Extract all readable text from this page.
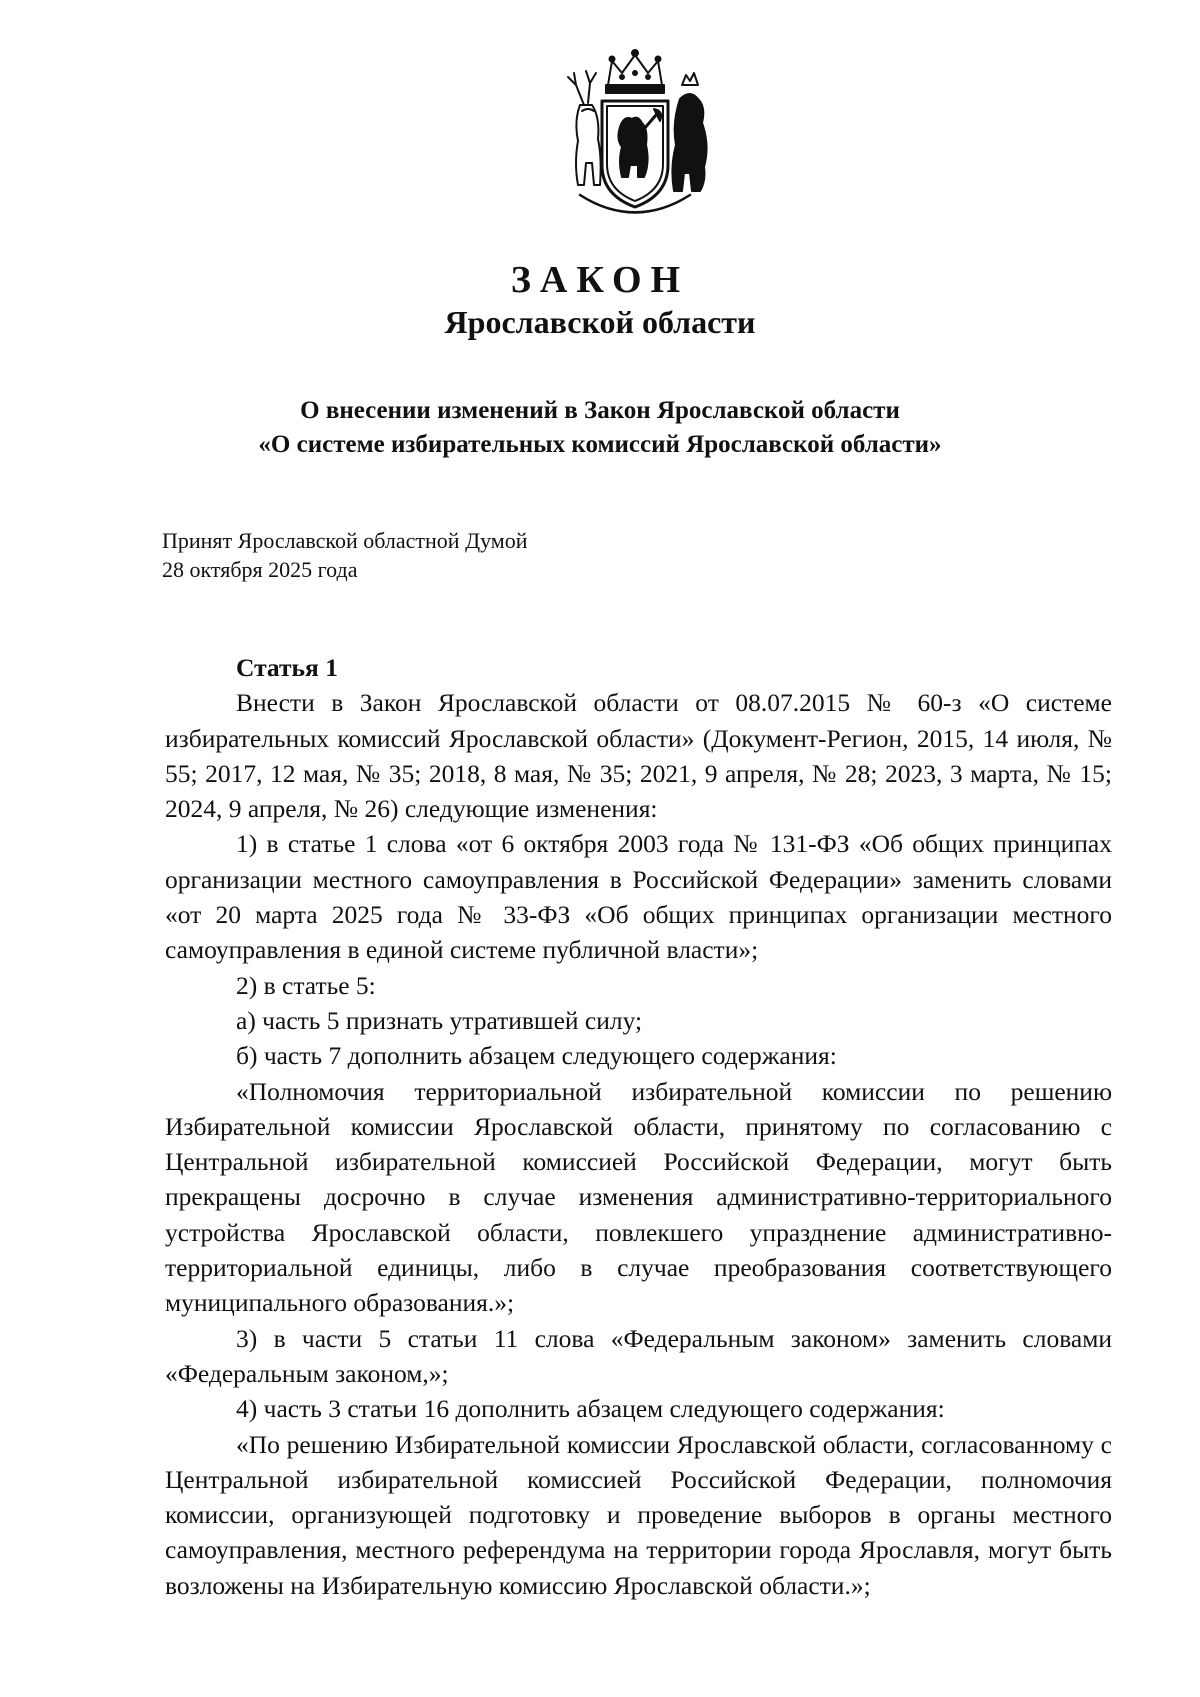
ЗАКОН
Ярославской области
О внесении изменений в Закон Ярославской области
«О системе избирательных комиссий Ярославской области»
Принят Ярославской областной Думой
28 октября 2025 года

Статья 1

Внести в Закон Ярославской области от 08.07.2015 № 60-з «О системе избирательных комиссий Ярославской области» (Документ-Регион, 2015, 14 июля, № 55; 2017, 12 мая, № 35; 2018, 8 мая, № 35; 2021, 9 апреля, № 28; 2023, 3 марта, № 15; 2024, 9 апреля, № 26) следующие изменения:

1) в статье 1 слова «от 6 октября 2003 года № 131-ФЗ «Об общих принципах организации местного самоуправления в Российской Федерации» заменить словами «от 20 марта 2025 года № 33-ФЗ «Об общих принципах организации местного самоуправления в единой системе публичной власти»;

2) в статье 5:

а) часть 5 признать утратившей силу;

б) часть 7 дополнить абзацем следующего содержания:

«Полномочия территориальной избирательной комиссии по решению Избирательной комиссии Ярославской области, принятому по согласованию с Центральной избирательной комиссией Российской Федерации, могут быть прекращены досрочно в случае изменения административно-территориального устройства Ярославской области, повлекшего упразднение административно-территориальной единицы, либо в случае преобразования соответствующего муниципального образования.»;

3) в части 5 статьи 11 слова «Федеральным законом» заменить словами «Федеральным законом,»;

4) часть 3 статьи 16 дополнить абзацем следующего содержания:

«По решению Избирательной комиссии Ярославской области, согласованному с Центральной избирательной комиссией Российской Федерации, полномочия комиссии, организующей подготовку и проведение выборов в органы местного самоуправления, местного референдума на территории города Ярославля, могут быть возложены на Избирательную комиссию Ярославской области.»;
